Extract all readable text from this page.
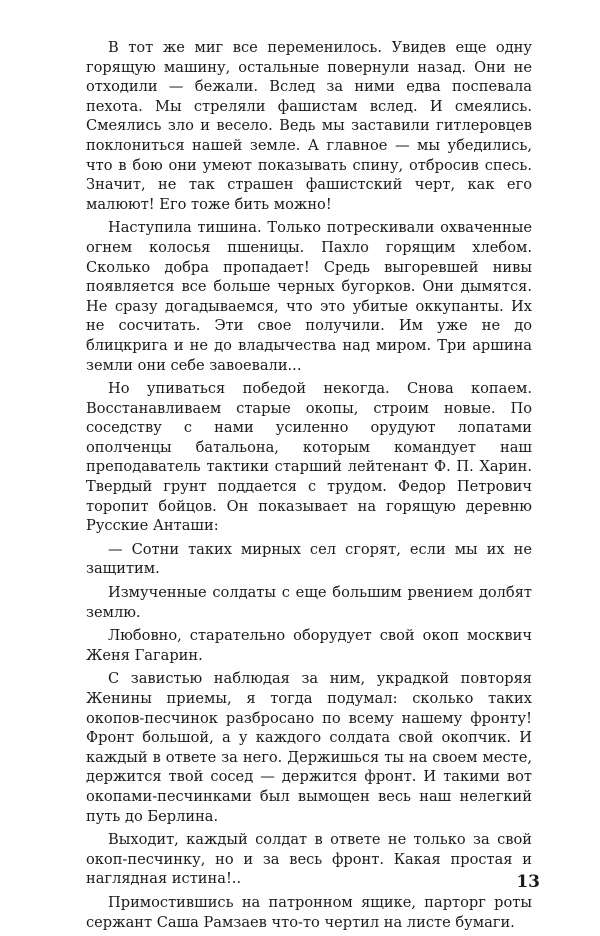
В тот же миг все переменилось. Увидев еще одну горящую машину, остальные повернули назад. Они не отходили — бежали. Вслед за ними едва поспевала пехота. Мы стреляли фашистам вслед. И смеялись. Смеялись зло и весело. Ведь мы заставили гитлеровцев поклониться нашей земле. А главное — мы убедились, что в бою они умеют показывать спину, отбросив спесь. Значит, не так страшен фашистский черт, как его малюют! Его тоже бить можно!

Наступила тишина. Только потрескивали охваченные огнем колосья пшеницы. Пахло горящим хлебом. Сколько добра пропадает! Средь выгоревшей нивы появляется все больше черных бугорков. Они дымятся. Не сразу догадываемся, что это убитые оккупанты. Их не сосчитать. Эти свое получили. Им уже не до блицкрига и не до владычества над миром. Три аршина земли они себе завоевали...

Но упиваться победой некогда. Снова копаем. Восстанавливаем старые окопы, строим новые. По соседству с нами усиленно орудуют лопатами ополченцы батальона, которым командует наш преподаватель тактики старший лейтенант Ф. П. Харин. Твердый грунт поддается с трудом. Федор Петрович торопит бойцов. Он показывает на горящую деревню Русские Анташи:

— Сотни таких мирных сел сгорят, если мы их не защитим.

Измученные солдаты с еще большим рвением долбят землю.

Любовно, старательно оборудует свой окоп москвич Женя Гагарин.

С завистью наблюдая за ним, украдкой повторяя Женины приемы, я тогда подумал: сколько таких окопов-песчинок разбросано по всему нашему фронту! Фронт большой, а у каждого солдата свой окопчик. И каждый в ответе за него. Держишься ты на своем месте, держится твой сосед — держится фронт. И такими вот окопами-песчинками был вымощен весь наш нелегкий путь до Берлина.

Выходит, каждый солдат в ответе не только за свой окоп-песчинку, но и за весь фронт. Какая простая и наглядная истина!..

Примостившись на патронном ящике, парторг роты сержант Саша Рамзаев что-то чертил на листе бумаги.

13
